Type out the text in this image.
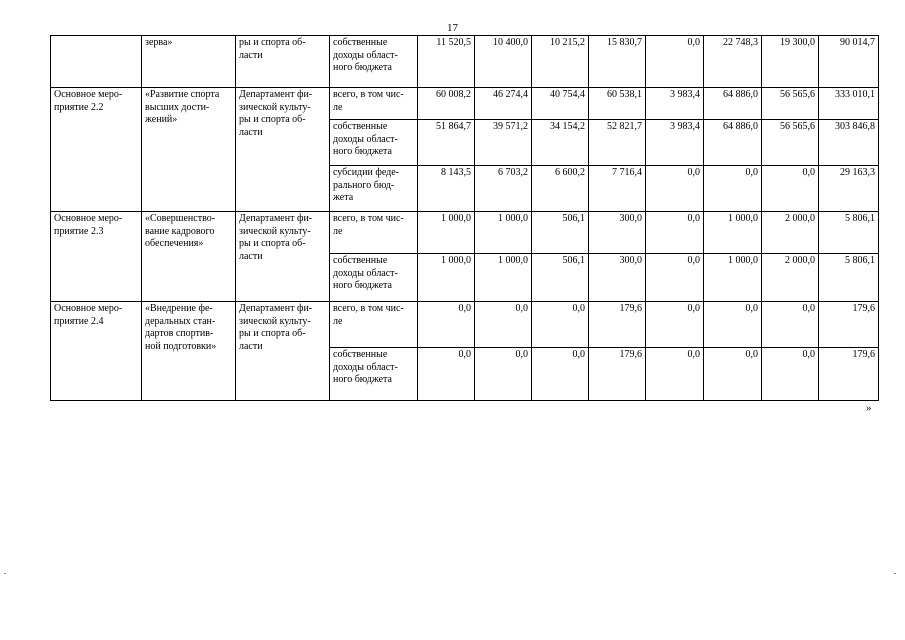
17
	зерва»	ры и спорта об-
ласти	собственные
доходы област-
ного бюджета	11 520,5	10 400,0	10 215,2	15 830,7	0,0	22 748,3	19 300,0	90 014,7
Основное меро-
приятие 2.2	«Развитие спорта
высших дости-
жений»	Департамент фи-
зической культу-
ры и спорта об-
ласти	всего, в том чис-
ле	60 008,2	46 274,4	40 754,4	60 538,1	3 983,4	64 886,0	56 565,6	333 010,1
			собственные
доходы област-
ного бюджета	51 864,7	39 571,2	34 154,2	52 821,7	3 983,4	64 886,0	56 565,6	303 846,8
			субсидии феде-
рального бюд-
жета	8 143,5	6 703,2	6 600,2	7 716,4	0,0	0,0	0,0	29 163,3
Основное меро-
приятие 2.3	«Совершенство-
вание кадрового
обеспечения»	Департамент фи-
зической культу-
ры и спорта об-
ласти	всего, в том чис-
ле	1 000,0	1 000,0	506,1	300,0	0,0	1 000,0	2 000,0	5 806,1
			собственные
доходы област-
ного бюджета	1 000,0	1 000,0	506,1	300,0	0,0	1 000,0	2 000,0	5 806,1
Основное меро-
приятие 2.4	«Внедрение фе-
деральных стан-
дартов спортив-
ной подготовки»	Департамент фи-
зической культу-
ры и спорта об-
ласти	всего, в том чис-
ле	0,0	0,0	0,0	179,6	0,0	0,0	0,0	179,6
			собственные
доходы област-
ного бюджета	0,0	0,0	0,0	179,6	0,0	0,0	0,0	179,6
»
